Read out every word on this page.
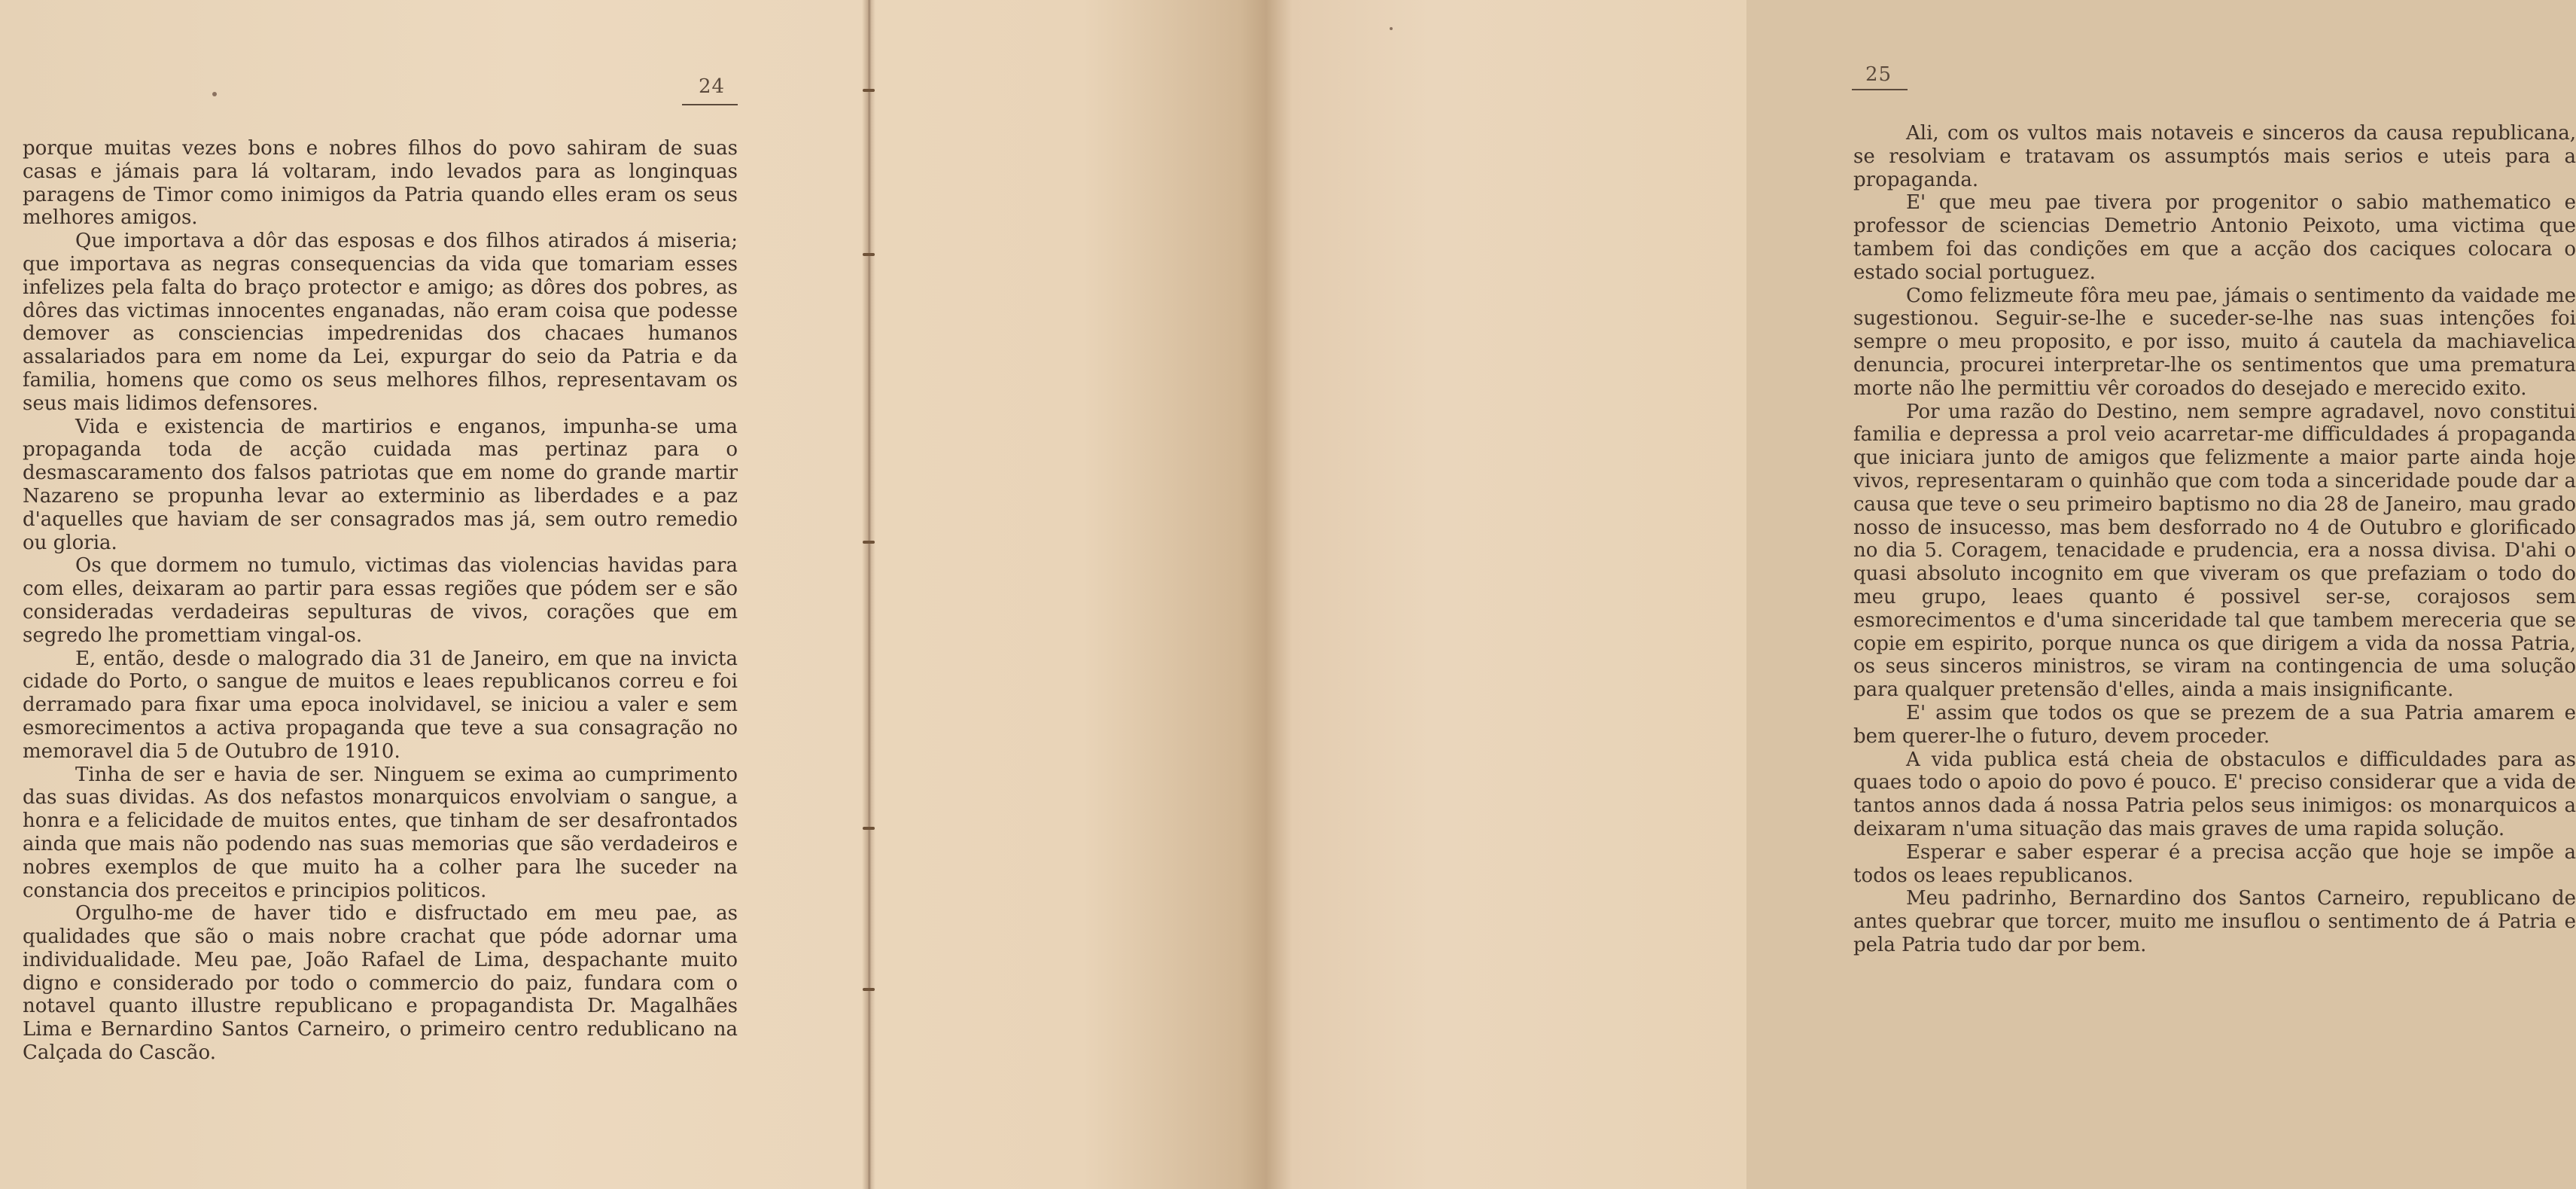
24

porque muitas vezes bons e nobres filhos do povo sahiram de suas casas e jámais para lá voltaram, indo levados para as longinquas paragens de Timor como inimigos da Patria quando elles eram os seus melhores amigos.

Que importava a dôr das esposas e dos filhos atirados á miseria; que importava as negras consequencias da vida que tomariam esses infelizes pela falta do braço protector e amigo; as dôres dos pobres, as dôres das victimas innocentes enganadas, não eram coisa que podesse demover as consciencias impedrenidas dos chacaes humanos assalariados para em nome da Lei, expurgar do seio da Patria e da familia, homens que como os seus melhores filhos, representavam os seus mais lidimos defensores.

Vida e existencia de martirios e enganos, impunha-se uma propaganda toda de acção cuidada mas pertinaz para o desmascaramento dos falsos patriotas que em nome do grande martir Nazareno se propunha levar ao exterminio as liberdades e a paz d'aquelles que haviam de ser consagrados mas já, sem outro remedio ou gloria.

Os que dormem no tumulo, victimas das violencias havidas para com elles, deixaram ao partir para essas regiões que pódem ser e são consideradas verdadeiras sepulturas de vivos, corações que em segredo lhe promettiam vingal-os.

E, então, desde o malogrado dia 31 de Janeiro, em que na invicta cidade do Porto, o sangue de muitos e leaes republicanos correu e foi derramado para fixar uma epoca inolvidavel, se iniciou a valer e sem esmorecimentos a activa propaganda que teve a sua consagração no memoravel dia 5 de Outubro de 1910.

Tinha de ser e havia de ser. Ninguem se exima ao cumprimento das suas dividas. As dos nefastos monarquicos envolviam o sangue, a honra e a felicidade de muitos entes, que tinham de ser desafrontados ainda que mais não podendo nas suas memorias que são verdadeiros e nobres exemplos de que muito ha a colher para lhe suceder na constancia dos preceitos e principios politicos.

Orgulho-me de haver tido e disfructado em meu pae, as qualidades que são o mais nobre crachat que póde adornar uma individualidade. Meu pae, João Rafael de Lima, despachante muito digno e considerado por todo o commercio do paiz, fundara com o notavel quanto illustre republicano e propagandista Dr. Magalhães Lima e Bernardino Santos Carneiro, o primeiro centro redublicano na Calçada do Cascão.

25

Ali, com os vultos mais notaveis e sinceros da causa republicana, se resolviam e tratavam os assumptós mais serios e uteis para a propaganda.

E' que meu pae tivera por progenitor o sabio mathematico e professor de sciencias Demetrio Antonio Peixoto, uma victima que tambem foi das condições em que a acção dos caciques colocara o estado social portuguez.

Como felizmeute fôra meu pae, jámais o sentimento da vaidade me sugestionou. Seguir-se-lhe e suceder-se-lhe nas suas intenções foi sempre o meu proposito, e por isso, muito á cautela da machiavelica denuncia, procurei interpretar-lhe os sentimentos que uma prematura morte não lhe permittiu vêr coroados do desejado e merecido exito.

Por uma razão do Destino, nem sempre agradavel, novo constitui familia e depressa a prol veio acarretar-me difficuldades á propaganda que iniciara junto de amigos que felizmente a maior parte ainda hoje vivos, representaram o quinhão que com toda a sinceridade poude dar a causa que teve o seu primeiro baptismo no dia 28 de Janeiro, mau grado nosso de insucesso, mas bem desforrado no 4 de Outubro e glorificado no dia 5. Coragem, tenacidade e prudencia, era a nossa divisa. D'ahi o quasi absoluto incognito em que viveram os que prefaziam o todo do meu grupo, leaes quanto é possivel ser-se, corajosos sem esmorecimentos e d'uma sinceridade tal que tambem mereceria que se copie em espirito, porque nunca os que dirigem a vida da nossa Patria, os seus sinceros ministros, se viram na contingencia de uma solução para qualquer pretensão d'elles, ainda a mais insignificante.

E' assim que todos os que se prezem de a sua Patria amarem e bem querer-lhe o futuro, devem proceder.

A vida publica está cheia de obstaculos e difficuldades para as quaes todo o apoio do povo é pouco. E' preciso considerar que a vida de tantos annos dada á nossa Patria pelos seus inimigos: os monarquicos a deixaram n'uma situação das mais graves de uma rapida solução.

Esperar e saber esperar é a precisa acção que hoje se impõe a todos os leaes republicanos.

Meu padrinho, Bernardino dos Santos Carneiro, republicano de antes quebrar que torcer, muito me insuflou o sentimento de á Patria e pela Patria tudo dar por bem.
